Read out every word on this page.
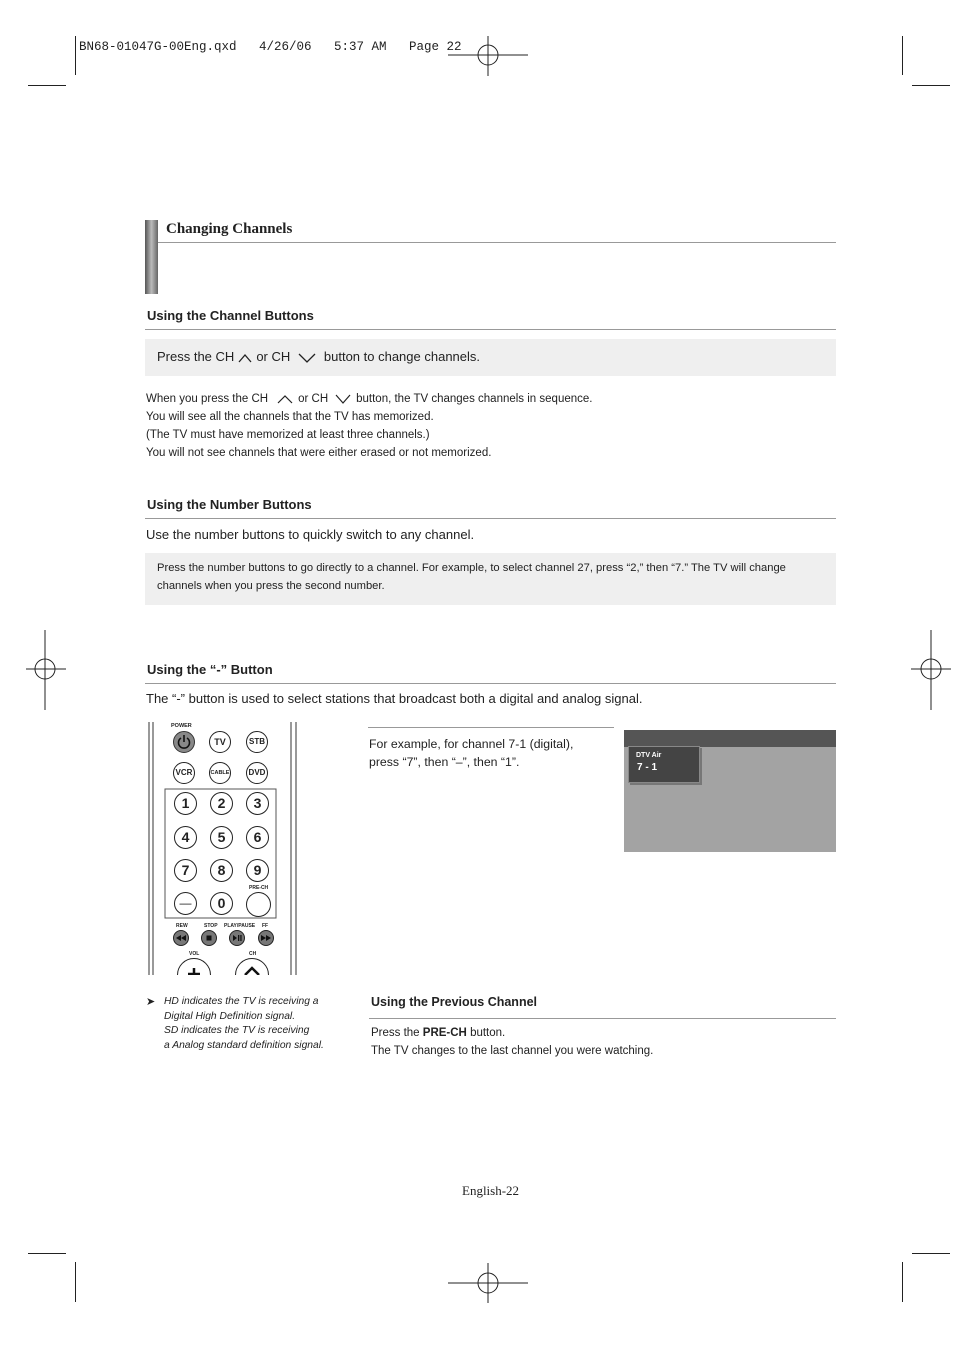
BN68-01047G-00Eng.qxd   4/26/06   5:37 AM   Page 22
Changing Channels
Using the Channel Buttons
Press the CH or CH	button to change channels.
When you press the CH	or CH button, the TV changes channels in sequence.
You will see all the channels that the TV has memorized.
(The TV must have memorized at least three channels.)
You will not see channels that were either erased or not memorized.
Using the Number Buttons
Use the number buttons to quickly switch to any channel.
Press the number buttons to go directly to a channel. For example, to select channel 27, press “2,” then “7.” The TV will change
channels when you press the second number.
Using the “-” Button
The “-” button is used to select stations that broadcast both a digital and analog signal.
POWER
TV	STB
VCR	CABLE	DVD
1	2	3
4	5	6
7	8	9
—	0
PRE-CH
REW	STOP PLAY/PAUSE FF
VOL	CH
For example, for channel 7-1 (digital),
press “7”, then “–”, then “1”.	DTV Air
7 - 1
➤ HD indicates the TV is receiving a
Digital High Definition signal.
SD indicates the TV is receiving
a Analog standard definition signal.
Using the Previous Channel
Press the PRE-CH button.
The TV changes to the last channel you were watching.
English-22
